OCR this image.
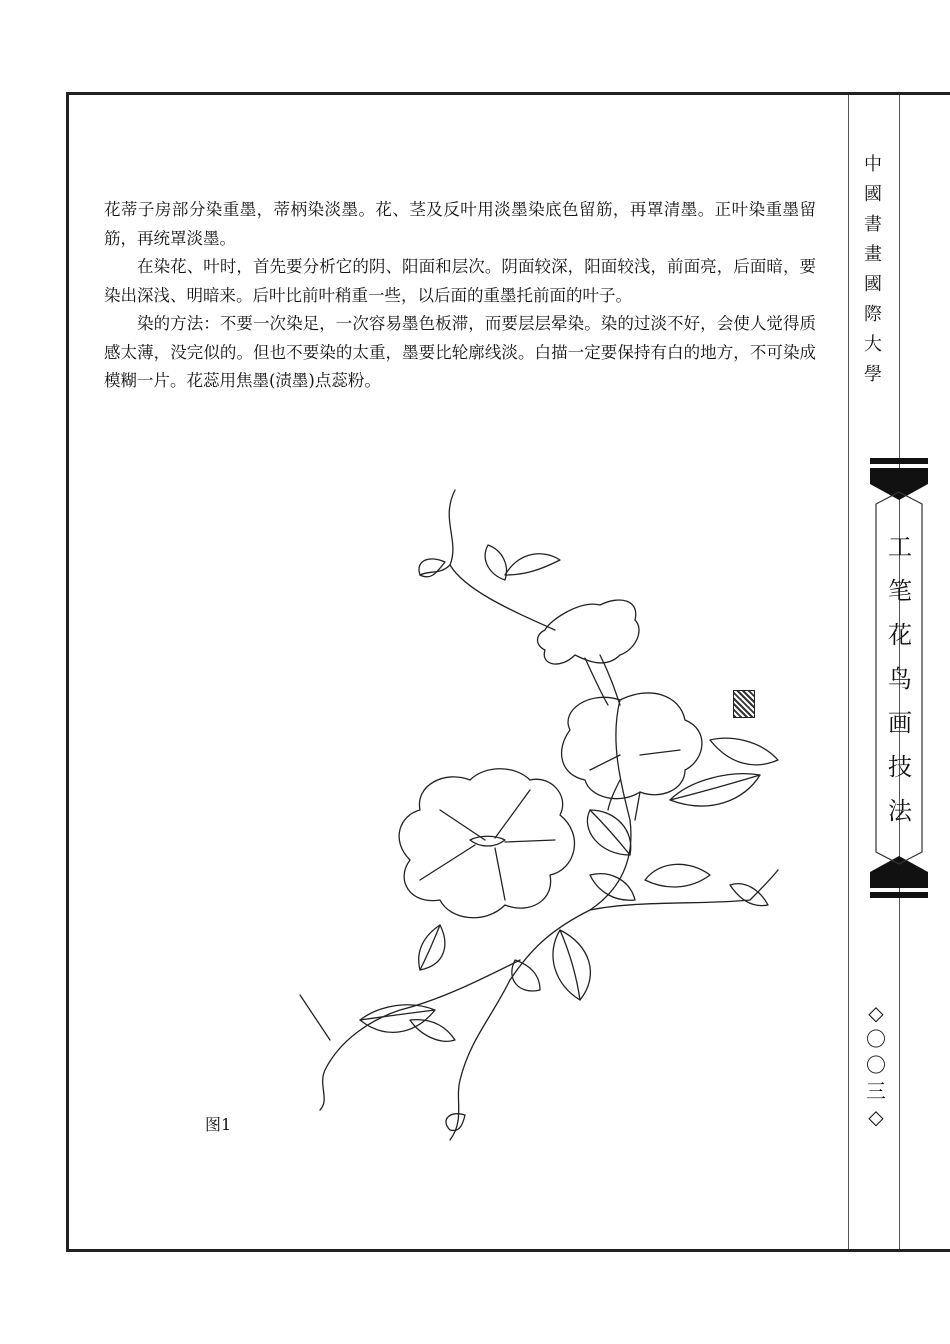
花蒂子房部分染重墨，蒂柄染淡墨。花、茎及反叶用淡墨染底色留筋，再罩清墨。正叶染重墨留筋，再统罩淡墨。

在染花、叶时，首先要分析它的阴、阳面和层次。阴面较深，阳面较浅，前面亮，后面暗，要染出深浅、明暗来。后叶比前叶稍重一些，以后面的重墨托前面的叶子。

染的方法：不要一次染足，一次容易墨色板滞，而要层层晕染。染的过淡不好，会使人觉得质感太薄，没完似的。但也不要染的太重，墨要比轮廓线淡。白描一定要保持有白的地方，不可染成模糊一片。花蕊用焦墨(渍墨)点蕊粉。

中
國
書
畫
國
際
大
學
工
笔
花
鸟
画
技
法
◇
〇
〇
三
◇
图1
